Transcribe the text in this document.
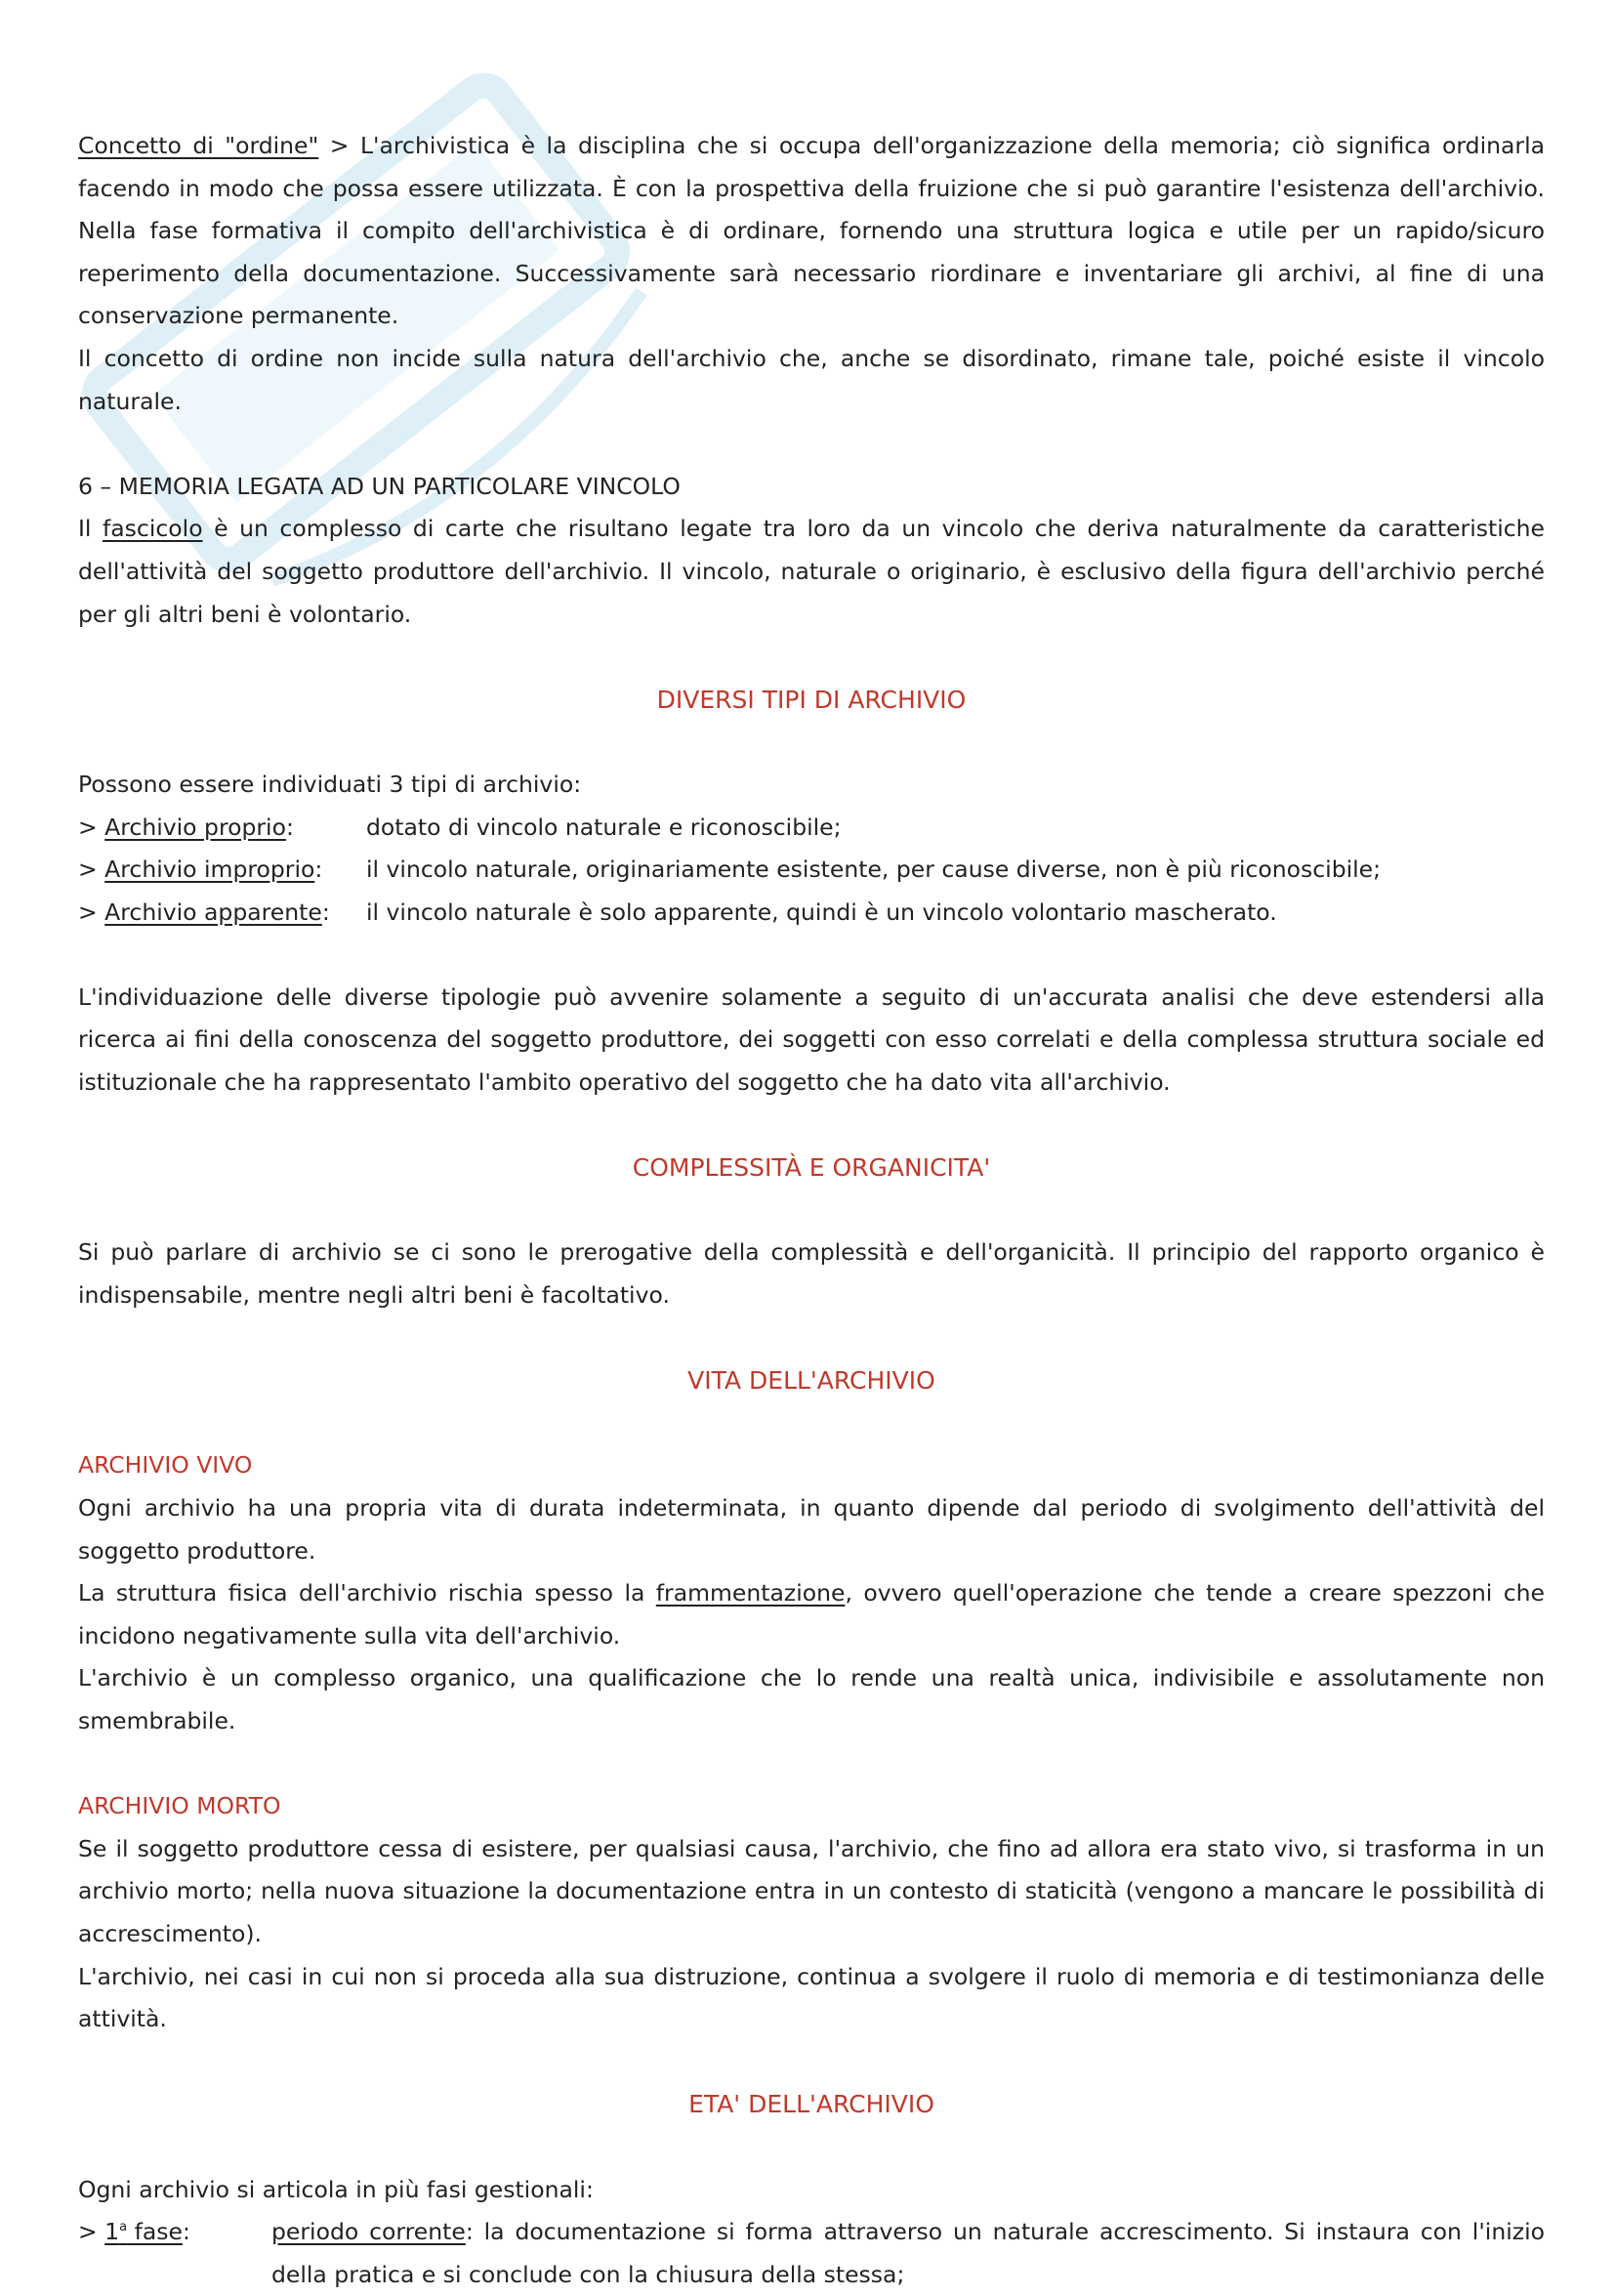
Concetto di "ordine" > L'archivistica è la disciplina che si occupa dell'organizzazione della memoria; ciò significa ordinarla facendo in modo che possa essere utilizzata. È con la prospettiva della fruizione che si può garantire l'esistenza dell'archivio. Nella fase formativa il compito dell'archivistica è di ordinare, fornendo una struttura logica e utile per un rapido/sicuro reperimento della documentazione. Successivamente sarà necessario riordinare e inventariare gli archivi, al fine di una conservazione permanente.

Il concetto di ordine non incide sulla natura dell'archivio che, anche se disordinato, rimane tale, poiché esiste il vincolo naturale.

6 – MEMORIA LEGATA AD UN PARTICOLARE VINCOLO

Il fascicolo è un complesso di carte che risultano legate tra loro da un vincolo che deriva naturalmente da caratteristiche dell'attività del soggetto produttore dell'archivio. Il vincolo, naturale o originario, è esclusivo della figura dell'archivio perché per gli altri beni è volontario.

DIVERSI TIPI DI ARCHIVIO

Possono essere individuati 3 tipi di archivio:

> Archivio proprio:	dotato di vincolo naturale e riconoscibile;
> Archivio improprio:	il vincolo naturale, originariamente esistente, per cause diverse, non è più riconoscibile;
> Archivio apparente:	il vincolo naturale è solo apparente, quindi è un vincolo volontario mascherato.

L'individuazione delle diverse tipologie può avvenire solamente a seguito di un'accurata analisi che deve estendersi alla ricerca ai fini della conoscenza del soggetto produttore, dei soggetti con esso correlati e della complessa struttura sociale ed istituzionale che ha rappresentato l'ambito operativo del soggetto che ha dato vita all'archivio.

COMPLESSITÀ E ORGANICITA'

Si può parlare di archivio se ci sono le prerogative della complessità e dell'organicità. Il principio del rapporto organico è indispensabile, mentre negli altri beni è facoltativo.

VITA DELL'ARCHIVIO

ARCHIVIO VIVO

Ogni archivio ha una propria vita di durata indeterminata, in quanto dipende dal periodo di svolgimento dell'attività del soggetto produttore.

La struttura fisica dell'archivio rischia spesso la frammentazione, ovvero quell'operazione che tende a creare spezzoni che incidono negativamente sulla vita dell'archivio.

L'archivio è un complesso organico, una qualificazione che lo rende una realtà unica, indivisibile e assolutamente non smembrabile.

ARCHIVIO MORTO

Se il soggetto produttore cessa di esistere, per qualsiasi causa, l'archivio, che fino ad allora era stato vivo, si trasforma in un archivio morto; nella nuova situazione la documentazione entra in un contesto di staticità (vengono a mancare le possibilità di accrescimento).

L'archivio, nei casi in cui non si proceda alla sua distruzione, continua a svolgere il ruolo di memoria e di testimonianza delle attività.

ETA' DELL'ARCHIVIO

Ogni archivio si articola in più fasi gestionali:

> $1^a$ fase:	periodo corrente: la documentazione si forma attraverso un naturale accrescimento. Si instaura con l'inizio della pratica e si conclude con la chiusura della stessa;
